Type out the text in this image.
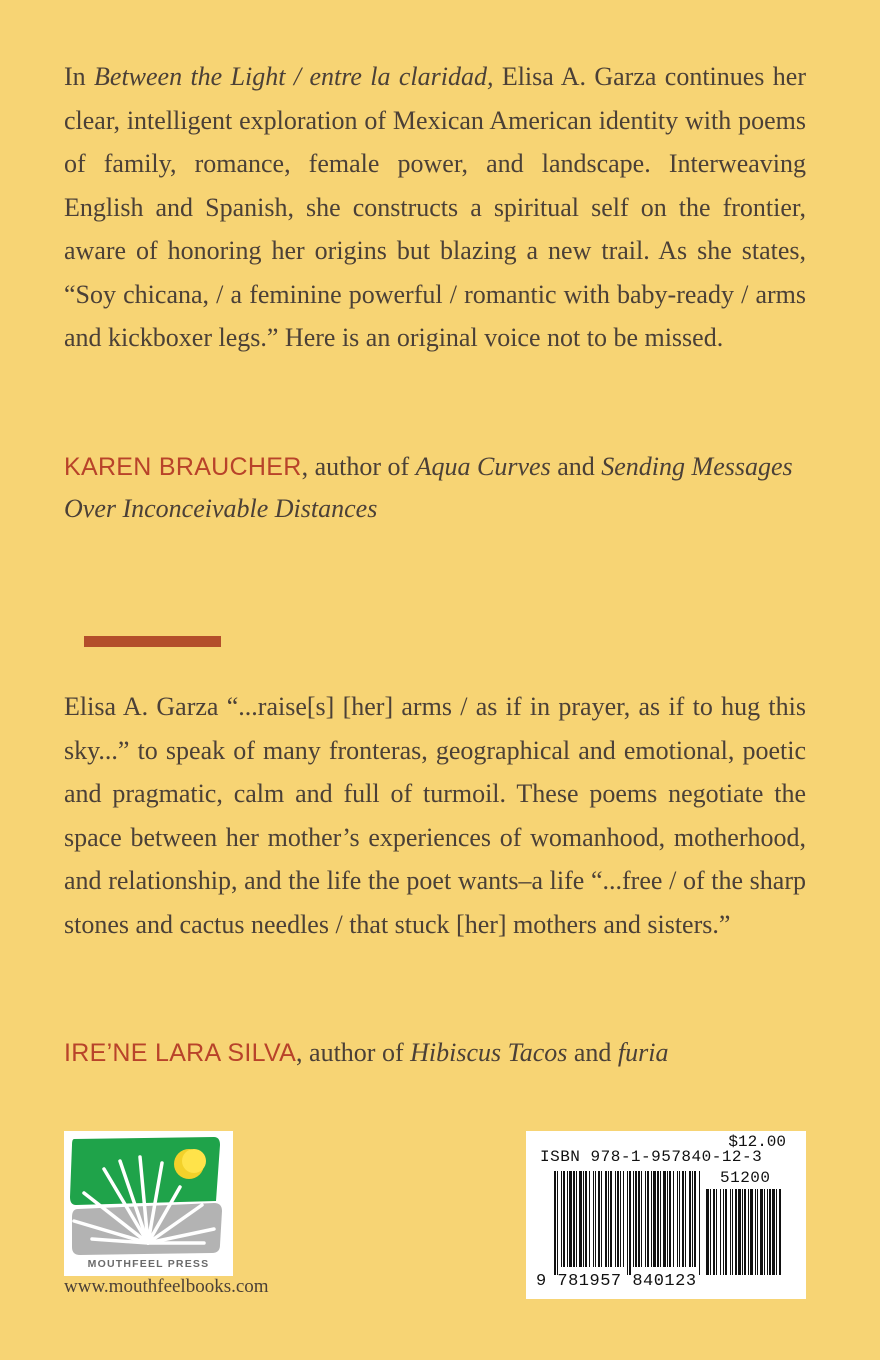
In Between the Light / entre la claridad, Elisa A. Garza continues her clear, intelligent exploration of Mexican American identity with poems of family, romance, female power, and landscape. Interweaving English and Spanish, she constructs a spiritual self on the frontier, aware of honoring her origins but blazing a new trail. As she states, “Soy chicana, / a feminine powerful / romantic with baby-ready / arms and kickboxer legs.” Here is an original voice not to be missed.

KAREN BRAUCHER, author of Aqua Curves and Sending Messages Over Inconceivable Distances

Elisa A. Garza “...raise[s] [her] arms / as if in prayer, as if to hug this sky...” to speak of many fronteras, geographical and emotional, poetic and pragmatic, calm and full of turmoil. These poems negotiate the space between her mother’s experiences of womanhood, motherhood, and relationship, and the life the poet wants–a life “...free / of the sharp stones and cactus needles / that stuck [her] mothers and sisters.”

IRE’NE LARA SILVA, author of Hibiscus Tacos and furia

MOUTHFEEL PRESS
www.mouthfeelbooks.com
$12.00
ISBN 978-1-957840-12-3
51200
9 781957 840123
